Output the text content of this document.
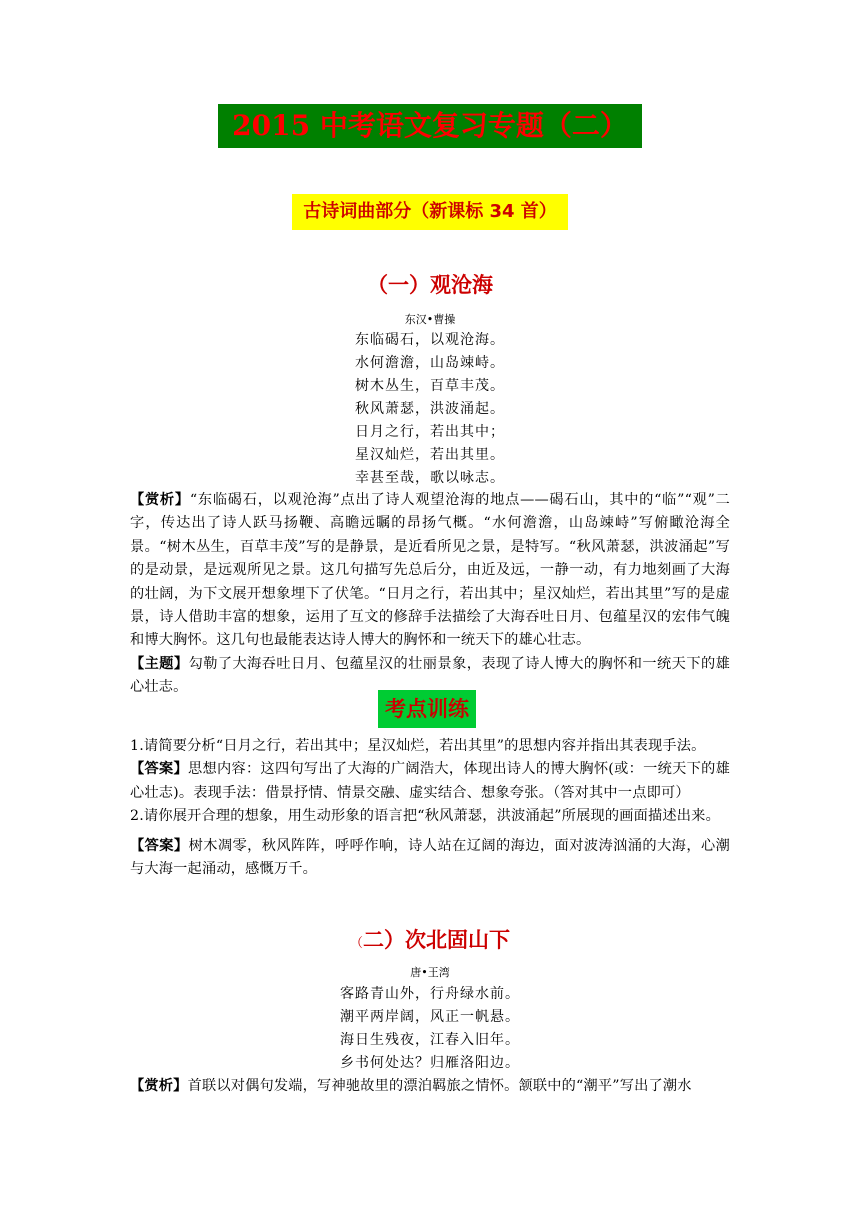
2015 中考语文复习专题（二）
古诗词曲部分（新课标 34 首）
（一）观沧海
东汉•曹操
东临碣石，以观沧海。
水何澹澹，山岛竦峙。
树木丛生，百草丰茂。
秋风萧瑟，洪波涌起。
日月之行，若出其中；
星汉灿烂，若出其里。
幸甚至哉，歌以咏志。

【赏析】“东临碣石，以观沧海”点出了诗人观望沧海的地点——碣石山，其中的“临”“观”二字，传达出了诗人跃马扬鞭、高瞻远瞩的昂扬气概。“水何澹澹，山岛竦峙”写俯瞰沧海全景。“树木丛生，百草丰茂”写的是静景，是近看所见之景，是特写。“秋风萧瑟，洪波涌起”写的是动景，是远观所见之景。这几句描写先总后分，由近及远，一静一动，有力地刻画了大海的壮阔，为下文展开想象埋下了伏笔。“日月之行，若出其中；星汉灿烂，若出其里”写的是虚景，诗人借助丰富的想象，运用了互文的修辞手法描绘了大海吞吐日月、包蕴星汉的宏伟气魄和博大胸怀。这几句也最能表达诗人博大的胸怀和一统天下的雄心壮志。

【主题】勾勒了大海吞吐日月、包蕴星汉的壮丽景象，表现了诗人博大的胸怀和一统天下的雄心壮志。

考点训练

1.请简要分析“日月之行，若出其中；星汉灿烂，若出其里”的思想内容并指出其表现手法。

【答案】思想内容：这四句写出了大海的广阔浩大，体现出诗人的博大胸怀(或：一统天下的雄心壮志)。表现手法：借景抒情、情景交融、虚实结合、想象夸张。（答对其中一点即可）

2.请你展开合理的想象，用生动形象的语言把“秋风萧瑟，洪波涌起”所展现的画面描述出来。

【答案】树木凋零，秋风阵阵，呼呼作响，诗人站在辽阔的海边，面对波涛汹涌的大海，心潮与大海一起涌动，感慨万千。

（二）次北固山下
唐•王湾
客路青山外，行舟绿水前。
潮平两岸阔，风正一帆悬。
海日生残夜，江春入旧年。
乡书何处达？归雁洛阳边。

【赏析】首联以对偶句发端，写神驰故里的漂泊羁旅之情怀。颔联中的“潮平”写出了潮水
